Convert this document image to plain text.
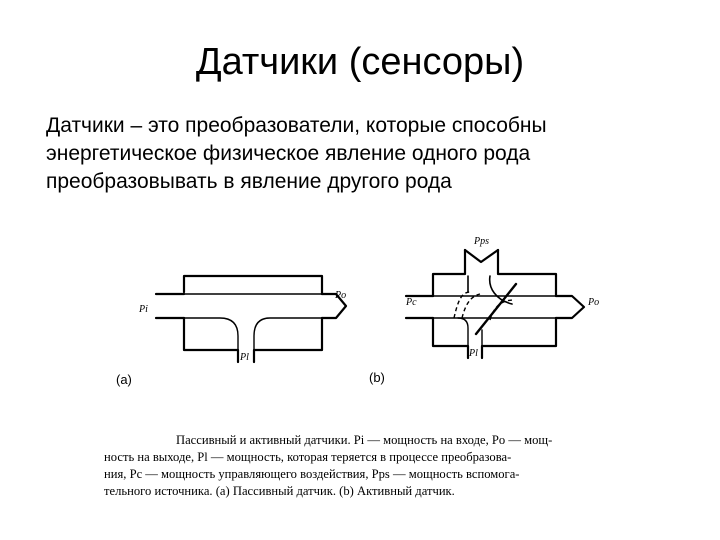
Датчики (сенсоры)
Датчики – это преобразователи, которые способны
энергетическое физическое явление одного рода
преобразовывать в явление другого рода
Pi
Po
Pl
(a)
Pps
Pc	Po
Pl
(b)
Пассивный и активный датчики. Pi — мощность на входе, Po — мощ-
ность на выходе, Pl — мощность, которая теряется в процессе преобразова-
ния, Pc — мощность управляющего воздействия, Pps — мощность вспомога-
тельного источника. (a) Пассивный датчик. (b) Активный датчик.
